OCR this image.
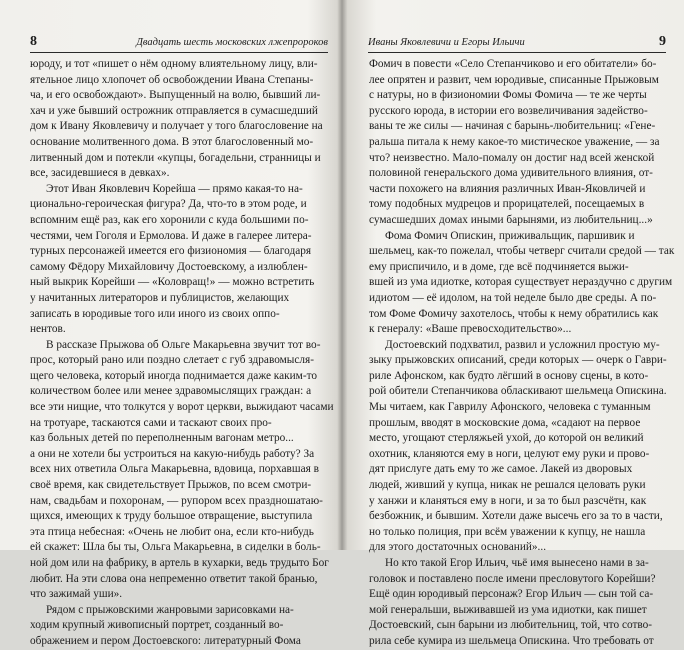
8	Двадцать шесть московских лжепророков
юроду, и тот «пишет о нём одному влиятельному лицу, вли-
ятельное лицо хлопочет об освобождении Ивана Степаны-
ча, и его освобождают». Выпущенный на волю, бывший ли-
хач и уже бывший острожник отправляется в сумасшедший
дом к Ивану Яковлевичу и получает у того благословение на
основание молитвенного дома. В этот благословенный мо-
литвенный дом и потекли «купцы, богадельни, странницы и
все, засидевшиеся в девках».
Этот Иван Яковлевич Корейша — прямо какая-то на-
ционально-героическая фигура? Да, что-то в этом роде, и
вспомним ещё раз, как его хоронили с куда большими по-
честями, чем Гоголя и Ермолова. И даже в галерее литера-
турных персонажей имеется его физиономия — благодаря
самому Фёдору Михайловичу Достоевскому, а излюблен-
ный выкрик Корейши — «Коловращ!» — можно встретить
у начитанных литераторов и публицистов, желающих
записать в юродивые того или иного из своих оппо-
нентов.
В рассказе Прыжова об Ольге Макарьевна звучит тот во-
прос, который рано или поздно слетает с губ здравомысля-
щего человека, который иногда поднимается даже каким-то
количеством более или менее здравомыслящих граждан: а
все эти нищие, что толкутся у ворот церкви, выжидают часами
на тротуаре, таскаются сами и таскают своих про-
каз больных детей по переполненным вагонам метро...
а они не хотели бы устроиться на какую-нибудь работу? За
всех них ответила Ольга Макарьевна, вдовица, порхавшая в
своё время, как свидетельствует Прыжов, по всем смотри-
нам, свадьбам и похоронам, — рупором всех праздношатаю-
щихся, имеющих к труду большое отвращение, выступила
эта птица небесная: «Очень не любит она, если кто-нибудь
ей скажет: Шла бы ты, Ольга Макарьевна, в сиделки в боль-
ной дом или на фабрику, в артель в кухарки, ведь трудыто Бог
любит. На эти слова она непременно ответит такой бранью,
что зажимай уши».
Рядом с прыжовскими жанровыми зарисовками на-
ходим крупный живописный портрет, созданный во-
ображением и пером Достоевского: литературный Фома
Иваны Яковлевичи и Егоры Ильичи	9
Фомич в повести «Село Степанчиково и его обитатели» бо-
лее опрятен и развит, чем юродивые, списанные Прыжовым
с натуры, но в физиономии Фомы Фомича — те же черты
русского юрода, в истории его возвеличивания задейство-
ваны те же силы — начиная с барынь-любительниц: «Гене-
ральша питала к нему какое-то мистическое уважение, — за
что? неизвестно. Мало-помалу он достиг над всей женской
половиной генеральского дома удивительного влияния, от-
части похожего на влияния различных Иван-Яковличей и
тому подобных мудрецов и прорицателей, посещаемых в
сумасшедших домах иными барынями, из любительниц...»
Фома Фомич Опискин, приживальщик, паршивик и
шельмец, как-то пожелал, чтобы четверг считали средой — так
ему приспичило, и в доме, где всё подчиняется выжи-
вшей из ума идиотке, которая существует нераздучно с другим
идиотом — её идолом, на той неделе было две среды. А по-
том Фоме Фомичу захотелось, чтобы к нему обратились как
к генералу: «Ваше превосходительство»...
Достоевский подхватил, развил и усложнил простую му-
зыку прыжовских описаний, среди которых — очерк о Гаври-
риле Афонском, как будто лёгший в основу сцены, в кото-
рой обители Степанчикова облаcкивают шельмеца Опискина.
Мы читаем, как Гаврилу Афонского, человека с туманным
прошлым, вводят в московские дома, «садают на первое
место, угощают стерляжьей ухой, до которой он великий
охотник, кланяются ему в ноги, целуют ему руки и прово-
дят прислуге дать ему то же самое. Лакей из дворовых
людей, живший у купца, никак не решался целовать руки
у ханжи и кланяться ему в ноги, и за то был разсчётн, как
безбожник, и бывшим. Хотели даже высечь его за то в части,
но только полиция, при всём уважении к купцу, не нашла
для этого достаточных оснований»...
Но кто такой Егор Ильич, чьё имя вынесено нами в за-
головок и поставлено после имени пресловутого Корейши?
Ещё один юродивый персонаж? Егор Ильич — сын той са-
мой генеральши, выживавшей из ума идиотки, как пишет
Достоевский, сын барыни из любительниц, той, что сотво-
рила себе кумира из шельмеца Опискина. Что требовать от
